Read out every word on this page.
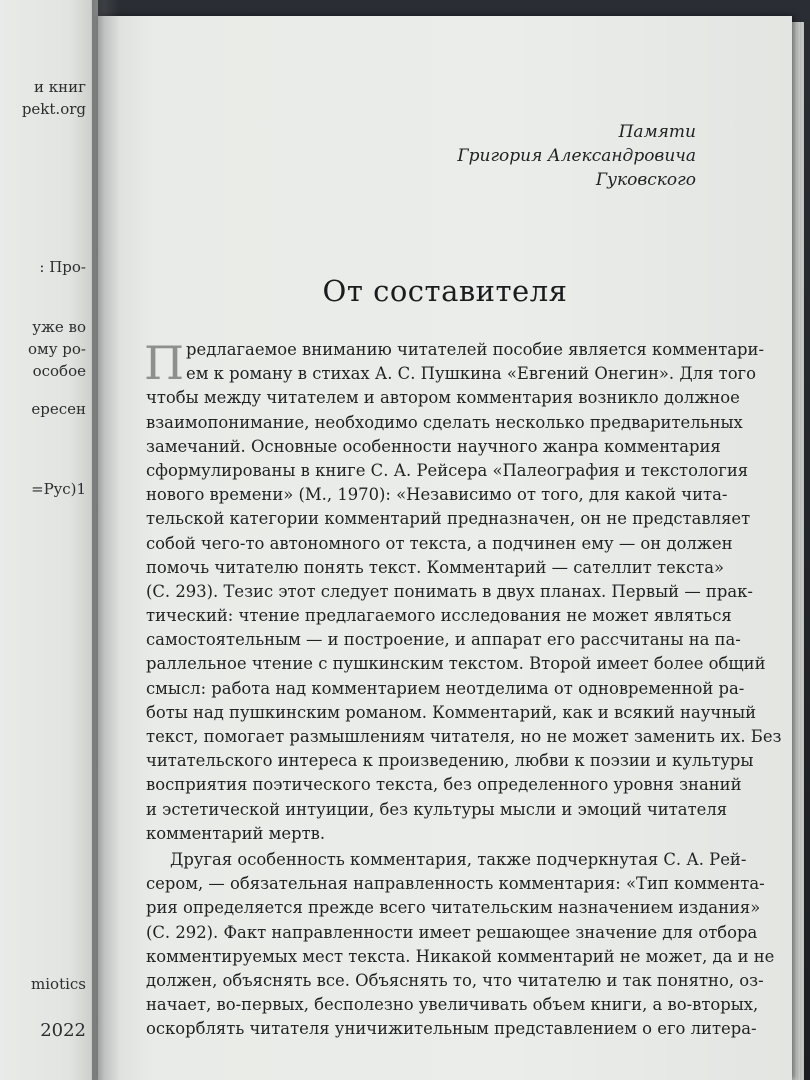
и книг
pekt.org
: Про-
уже во
ому ро-
особое
ересен
=Pyc)1
miotics
2022
Памяти
Григория Александровича
Гуковского
От составителя
П редлагаемое вниманию читателей пособие является комментари-
ем к роману в стихах А. С. Пушкина «Евгений Онегин». Для того
чтобы между читателем и автором комментария возникло должное
взаимопонимание, необходимо сделать несколько предварительных
замечаний. Основные особенности научного жанра комментария
сформулированы в книге С. А. Рейсера «Палеография и текстология
нового времени» (М., 1970): «Независимо от того, для какой чита-
тельской категории комментарий предназначен, он не представляет
собой чего-то автономного от текста, а подчинен ему — он должен
помочь читателю понять текст. Комментарий — сателлит текста»
(С. 293). Тезис этот следует понимать в двух планах. Первый — прак-
тический: чтение предлагаемого исследования не может являться
самостоятельным — и построение, и аппарат его рассчитаны на па-
раллельное чтение с пушкинским текстом. Второй имеет более общий
смысл: работа над комментарием неотделима от одновременной ра-
боты над пушкинским романом. Комментарий, как и всякий научный
текст, помогает размышлениям читателя, но не может заменить их. Без
читательского интереса к произведению, любви к поэзии и культуры
восприятия поэтического текста, без определенного уровня знаний
и эстетической интуиции, без культуры мысли и эмоций читателя
комментарий мертв.
Другая особенность комментария, также подчеркнутая С. А. Рей-
сером, — обязательная направленность комментария: «Тип коммента-
рия определяется прежде всего читательским назначением издания»
(С. 292). Факт направленности имеет решающее значение для отбора
комментируемых мест текста. Никакой комментарий не может, да и не
должен, объяснять все. Объяснять то, что читателю и так понятно, оз-
начает, во-первых, бесполезно увеличивать объем книги, а во-вторых,
оскорблять читателя уничижительным представлением о его литера-
